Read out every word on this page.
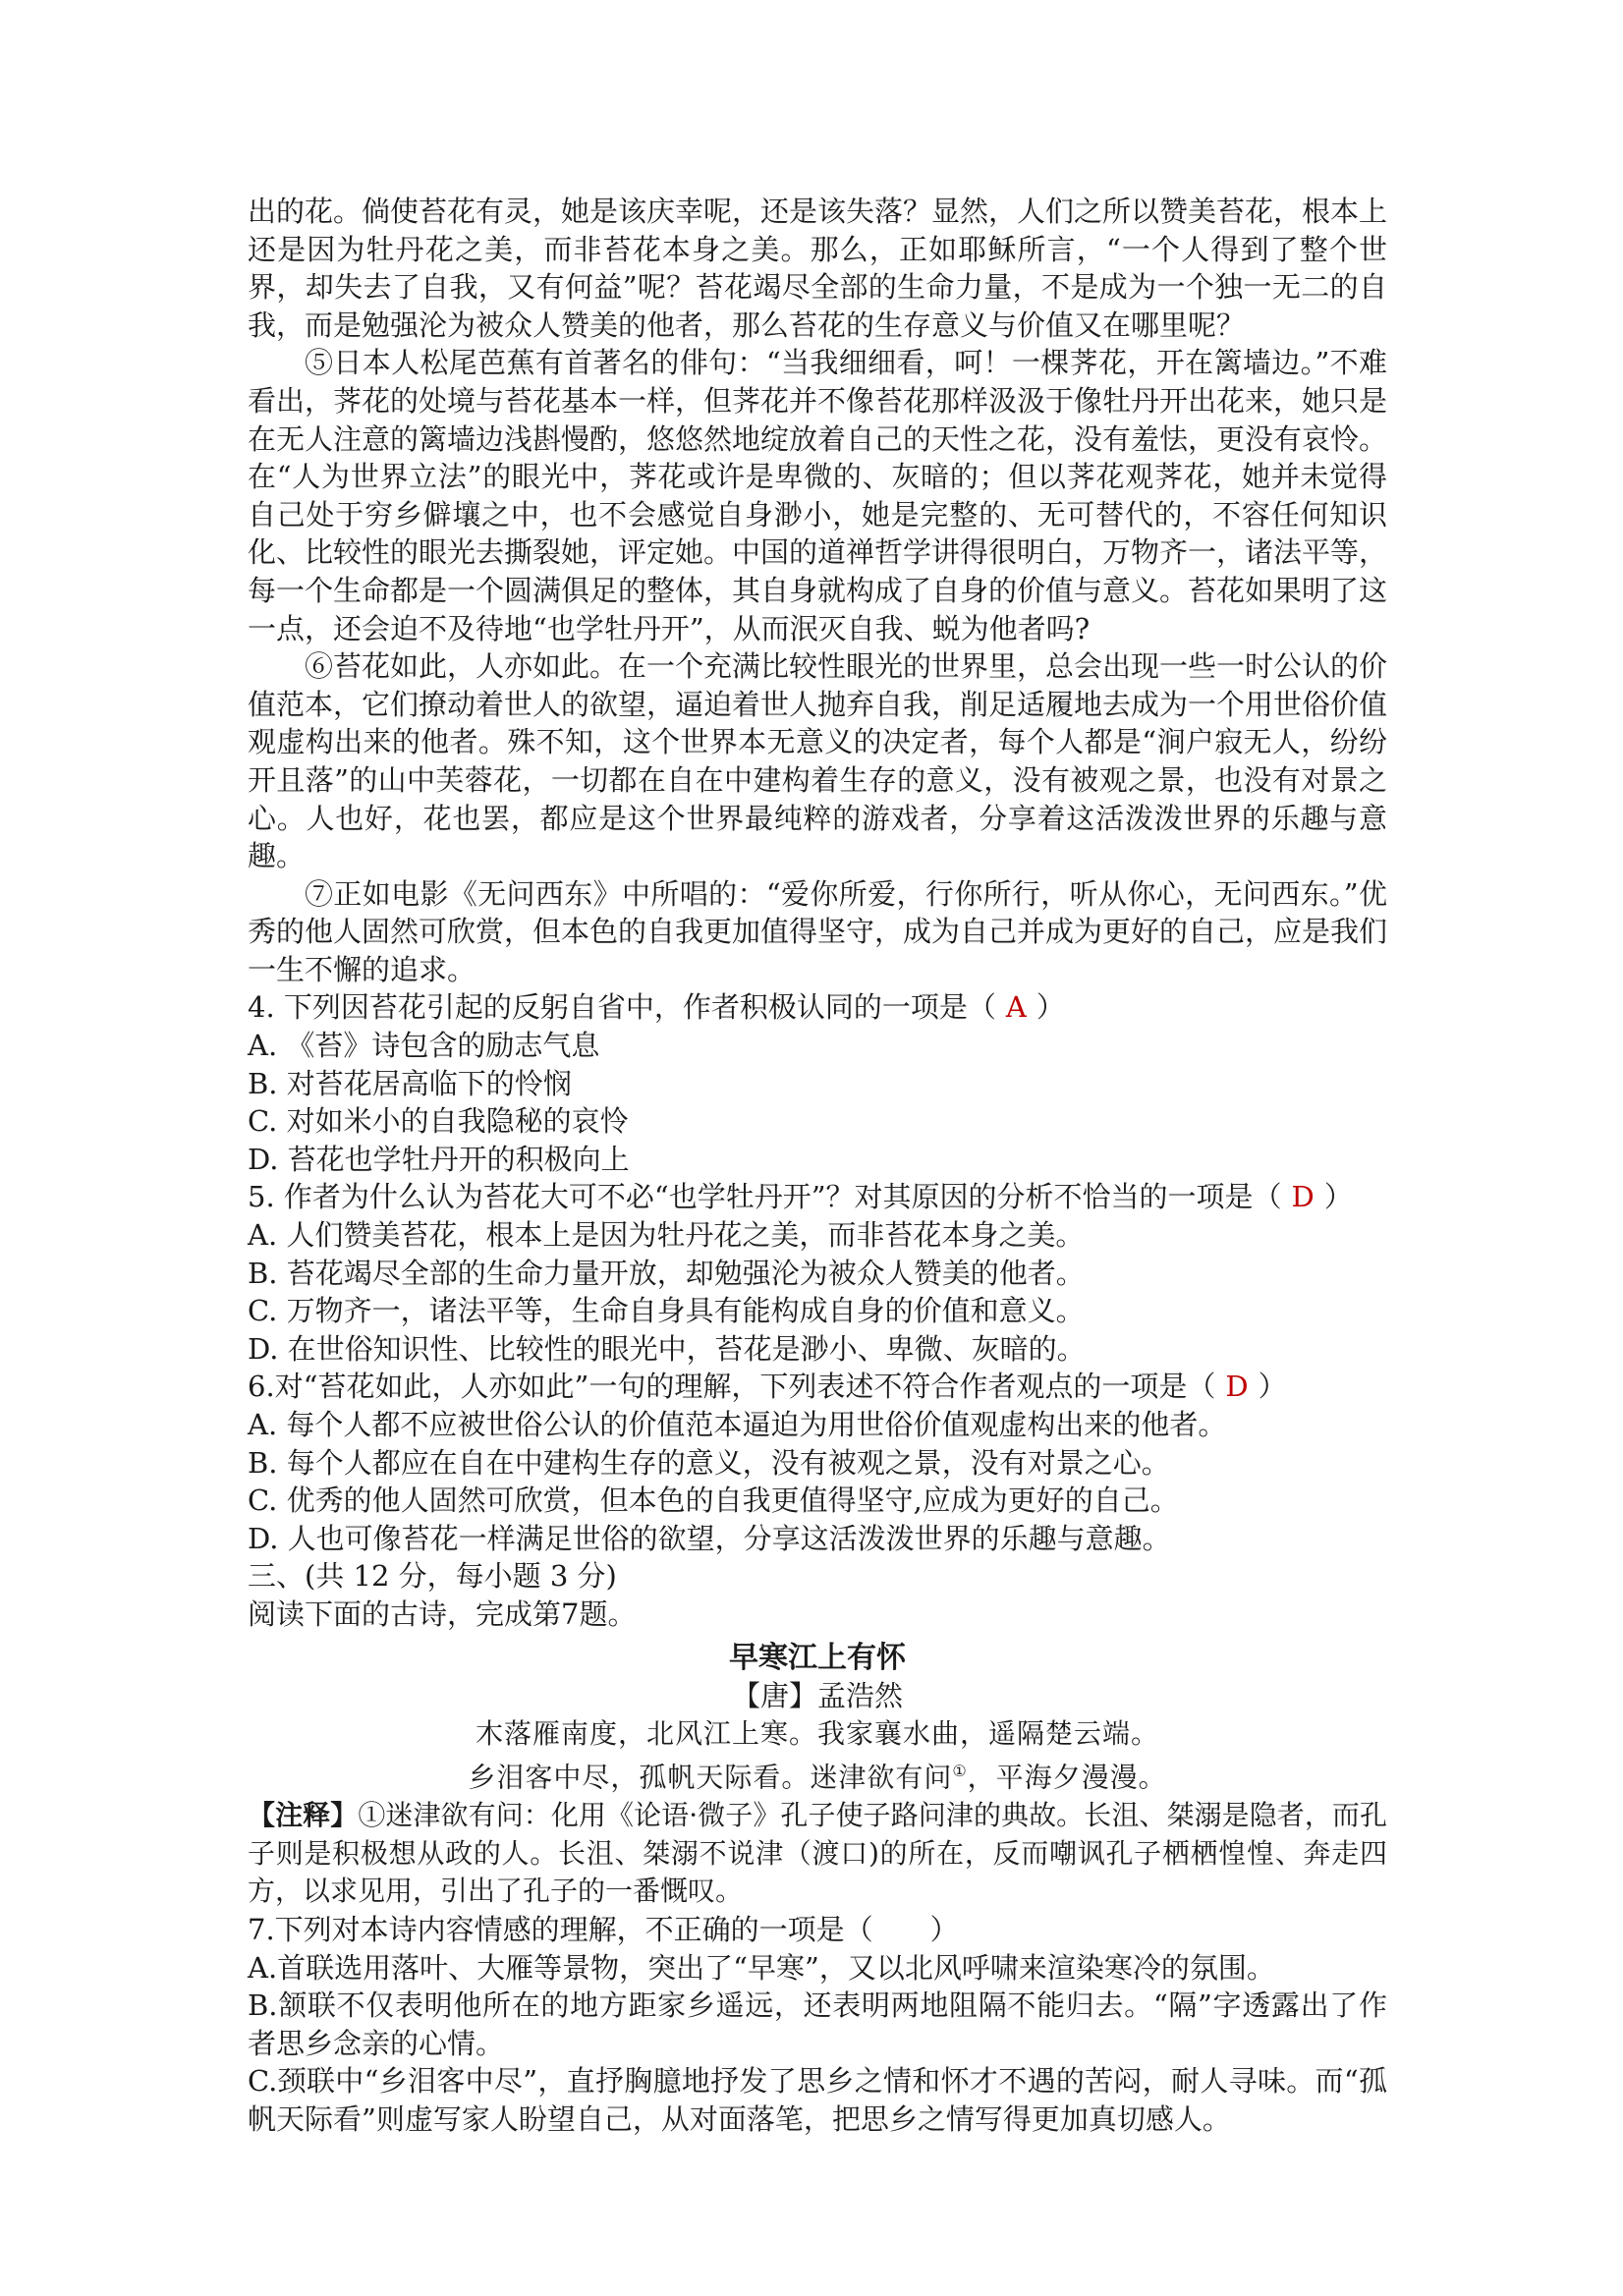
出的花。倘使苔花有灵，她是该庆幸呢，还是该失落？显然，人们之所以赞美苔花，根本上还是因为牡丹花之美，而非苔花本身之美。那么，正如耶稣所言，“一个人得到了整个世界，却失去了自我，又有何益”呢？苔花竭尽全部的生命力量，不是成为一个独一无二的自我，而是勉强沦为被众人赞美的他者，那么苔花的生存意义与价值又在哪里呢？

⑤日本人松尾芭蕉有首著名的俳句：“当我细细看，呵！一棵荠花，开在篱墙边。”不难看出，荠花的处境与苔花基本一样，但荠花并不像苔花那样汲汲于像牡丹开出花来，她只是在无人注意的篱墙边浅斟慢酌，悠悠然地绽放着自己的天性之花，没有羞怯，更没有哀怜。在“人为世界立法”的眼光中，荠花或许是卑微的、灰暗的；但以荠花观荠花，她并未觉得自己处于穷乡僻壤之中，也不会感觉自身渺小，她是完整的、无可替代的，不容任何知识化、比较性的眼光去撕裂她，评定她。中国的道禅哲学讲得很明白，万物齐一，诸法平等，每一个生命都是一个圆满俱足的整体，其自身就构成了自身的价值与意义。苔花如果明了这一点，还会迫不及待地“也学牡丹开”，从而泯灭自我、蜕为他者吗?

⑥苔花如此，人亦如此。在一个充满比较性眼光的世界里，总会出现一些一时公认的价值范本，它们撩动着世人的欲望，逼迫着世人抛弃自我，削足适履地去成为一个用世俗价值观虚构出来的他者。殊不知，这个世界本无意义的决定者，每个人都是“涧户寂无人，纷纷开且落”的山中芙蓉花，一切都在自在中建构着生存的意义，没有被观之景，也没有对景之心。人也好，花也罢，都应是这个世界最纯粹的游戏者，分享着这活泼泼世界的乐趣与意趣。

⑦正如电影《无问西东》中所唱的：“爱你所爱，行你所行，听从你心，无问西东。”优秀的他人固然可欣赏，但本色的自我更加值得坚守，成为自己并成为更好的自己，应是我们一生不懈的追求。

4. 下列因苔花引起的反躬自省中，作者积极认同的一项是（ A ）

A. 《苔》诗包含的励志气息

B. 对苔花居高临下的怜悯

C. 对如米小的自我隐秘的哀怜

D. 苔花也学牡丹开的积极向上

5. 作者为什么认为苔花大可不必“也学牡丹开”？对其原因的分析不恰当的一项是（ D ）

A. 人们赞美苔花，根本上是因为牡丹花之美，而非苔花本身之美。

B. 苔花竭尽全部的生命力量开放，却勉强沦为被众人赞美的他者。

C. 万物齐一，诸法平等，生命自身具有能构成自身的价值和意义。

D. 在世俗知识性、比较性的眼光中，苔花是渺小、卑微、灰暗的。

6.对“苔花如此，人亦如此”一句的理解，下列表述不符合作者观点的一项是（ D ）

A. 每个人都不应被世俗公认的价值范本逼迫为用世俗价值观虚构出来的他者。

B. 每个人都应在自在中建构生存的意义，没有被观之景，没有对景之心。

C. 优秀的他人固然可欣赏，但本色的自我更值得坚守,应成为更好的自己。

D. 人也可像苔花一样满足世俗的欲望，分享这活泼泼世界的乐趣与意趣。

三、(共 12 分，每小题 3 分)

阅读下面的古诗，完成第7题。

早寒江上有怀

【唐】孟浩然

木落雁南度，北风江上寒。我家襄水曲，遥隔楚云端。

乡泪客中尽，孤帆天际看。迷津欲有问①，平海夕漫漫。

【注释】①迷津欲有问：化用《论语·微子》孔子使子路问津的典故。长沮、桀溺是隐者，而孔子则是积极想从政的人。长沮、桀溺不说津（渡口)的所在，反而嘲讽孔子栖栖惶惶、奔走四方，以求见用，引出了孔子的一番慨叹。

7.下列对本诗内容情感的理解，不正确的一项是（　　）

A.首联选用落叶、大雁等景物，突出了“早寒”，又以北风呼啸来渲染寒冷的氛围。

B.颔联不仅表明他所在的地方距家乡遥远，还表明两地阻隔不能归去。“隔”字透露出了作者思乡念亲的心情。

C.颈联中“乡泪客中尽”，直抒胸臆地抒发了思乡之情和怀才不遇的苦闷，耐人寻味。而“孤帆天际看”则虚写家人盼望自己，从对面落笔，把思乡之情写得更加真切感人。
